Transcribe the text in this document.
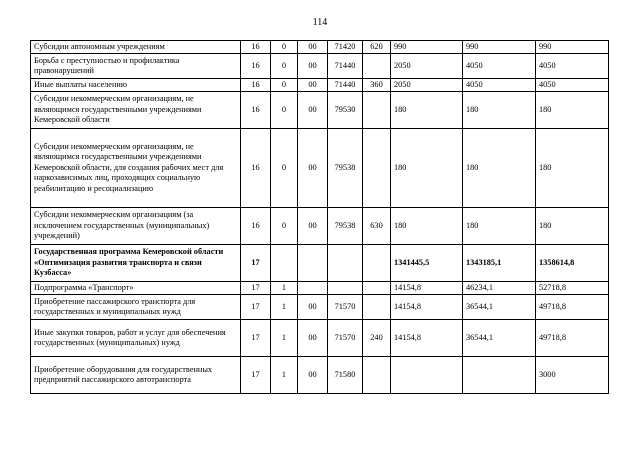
114
Субсидии автономным учреждениям	16	0	00	71420	620	990	990	990
Борьба с преступностью и профилактика правонарушений	16	0	00	71440		2050	4050	4050
Иные выплаты населению	16	0	00	71440	360	2050	4050	4050
Субсидии некоммерческим организациям, не являющимся государственными учреждениями Кемеровской области	16	0	00	79530		180	180	180
Субсидии некоммерческим организациям, не являющимся государственными учреждениями Кемеровской области, для создания рабочих мест для наркозависимых лиц, проходящих социальную реабилитацию и ресоциализацию	16	0	00	79538		180	180	180
Субсидии некоммерческим организациям (за исключением государственных (муниципальных) учреждений)	16	0	00	79538	630	180	180	180
Государственная программа Кемеровской области «Оптимизация развития транспорта и связи Кузбасса»	17					1341445,5	1343185,1	1358614,8
Подпрограмма «Транспорт»	17	1				14154,8	46234,1	52718,8
Приобретение пассажирского транспорта для государственных и муниципальных нужд	17	1	00	71570		14154,8	36544,1	49718,8
Иные закупки товаров, работ и услуг для обеспечения государственных (муниципальных) нужд	17	1	00	71570	240	14154,8	36544,1	49718,8
Приобретение оборудования для государственных предприятий пассажирского автотранспорта	17	1	00	71580				3000
